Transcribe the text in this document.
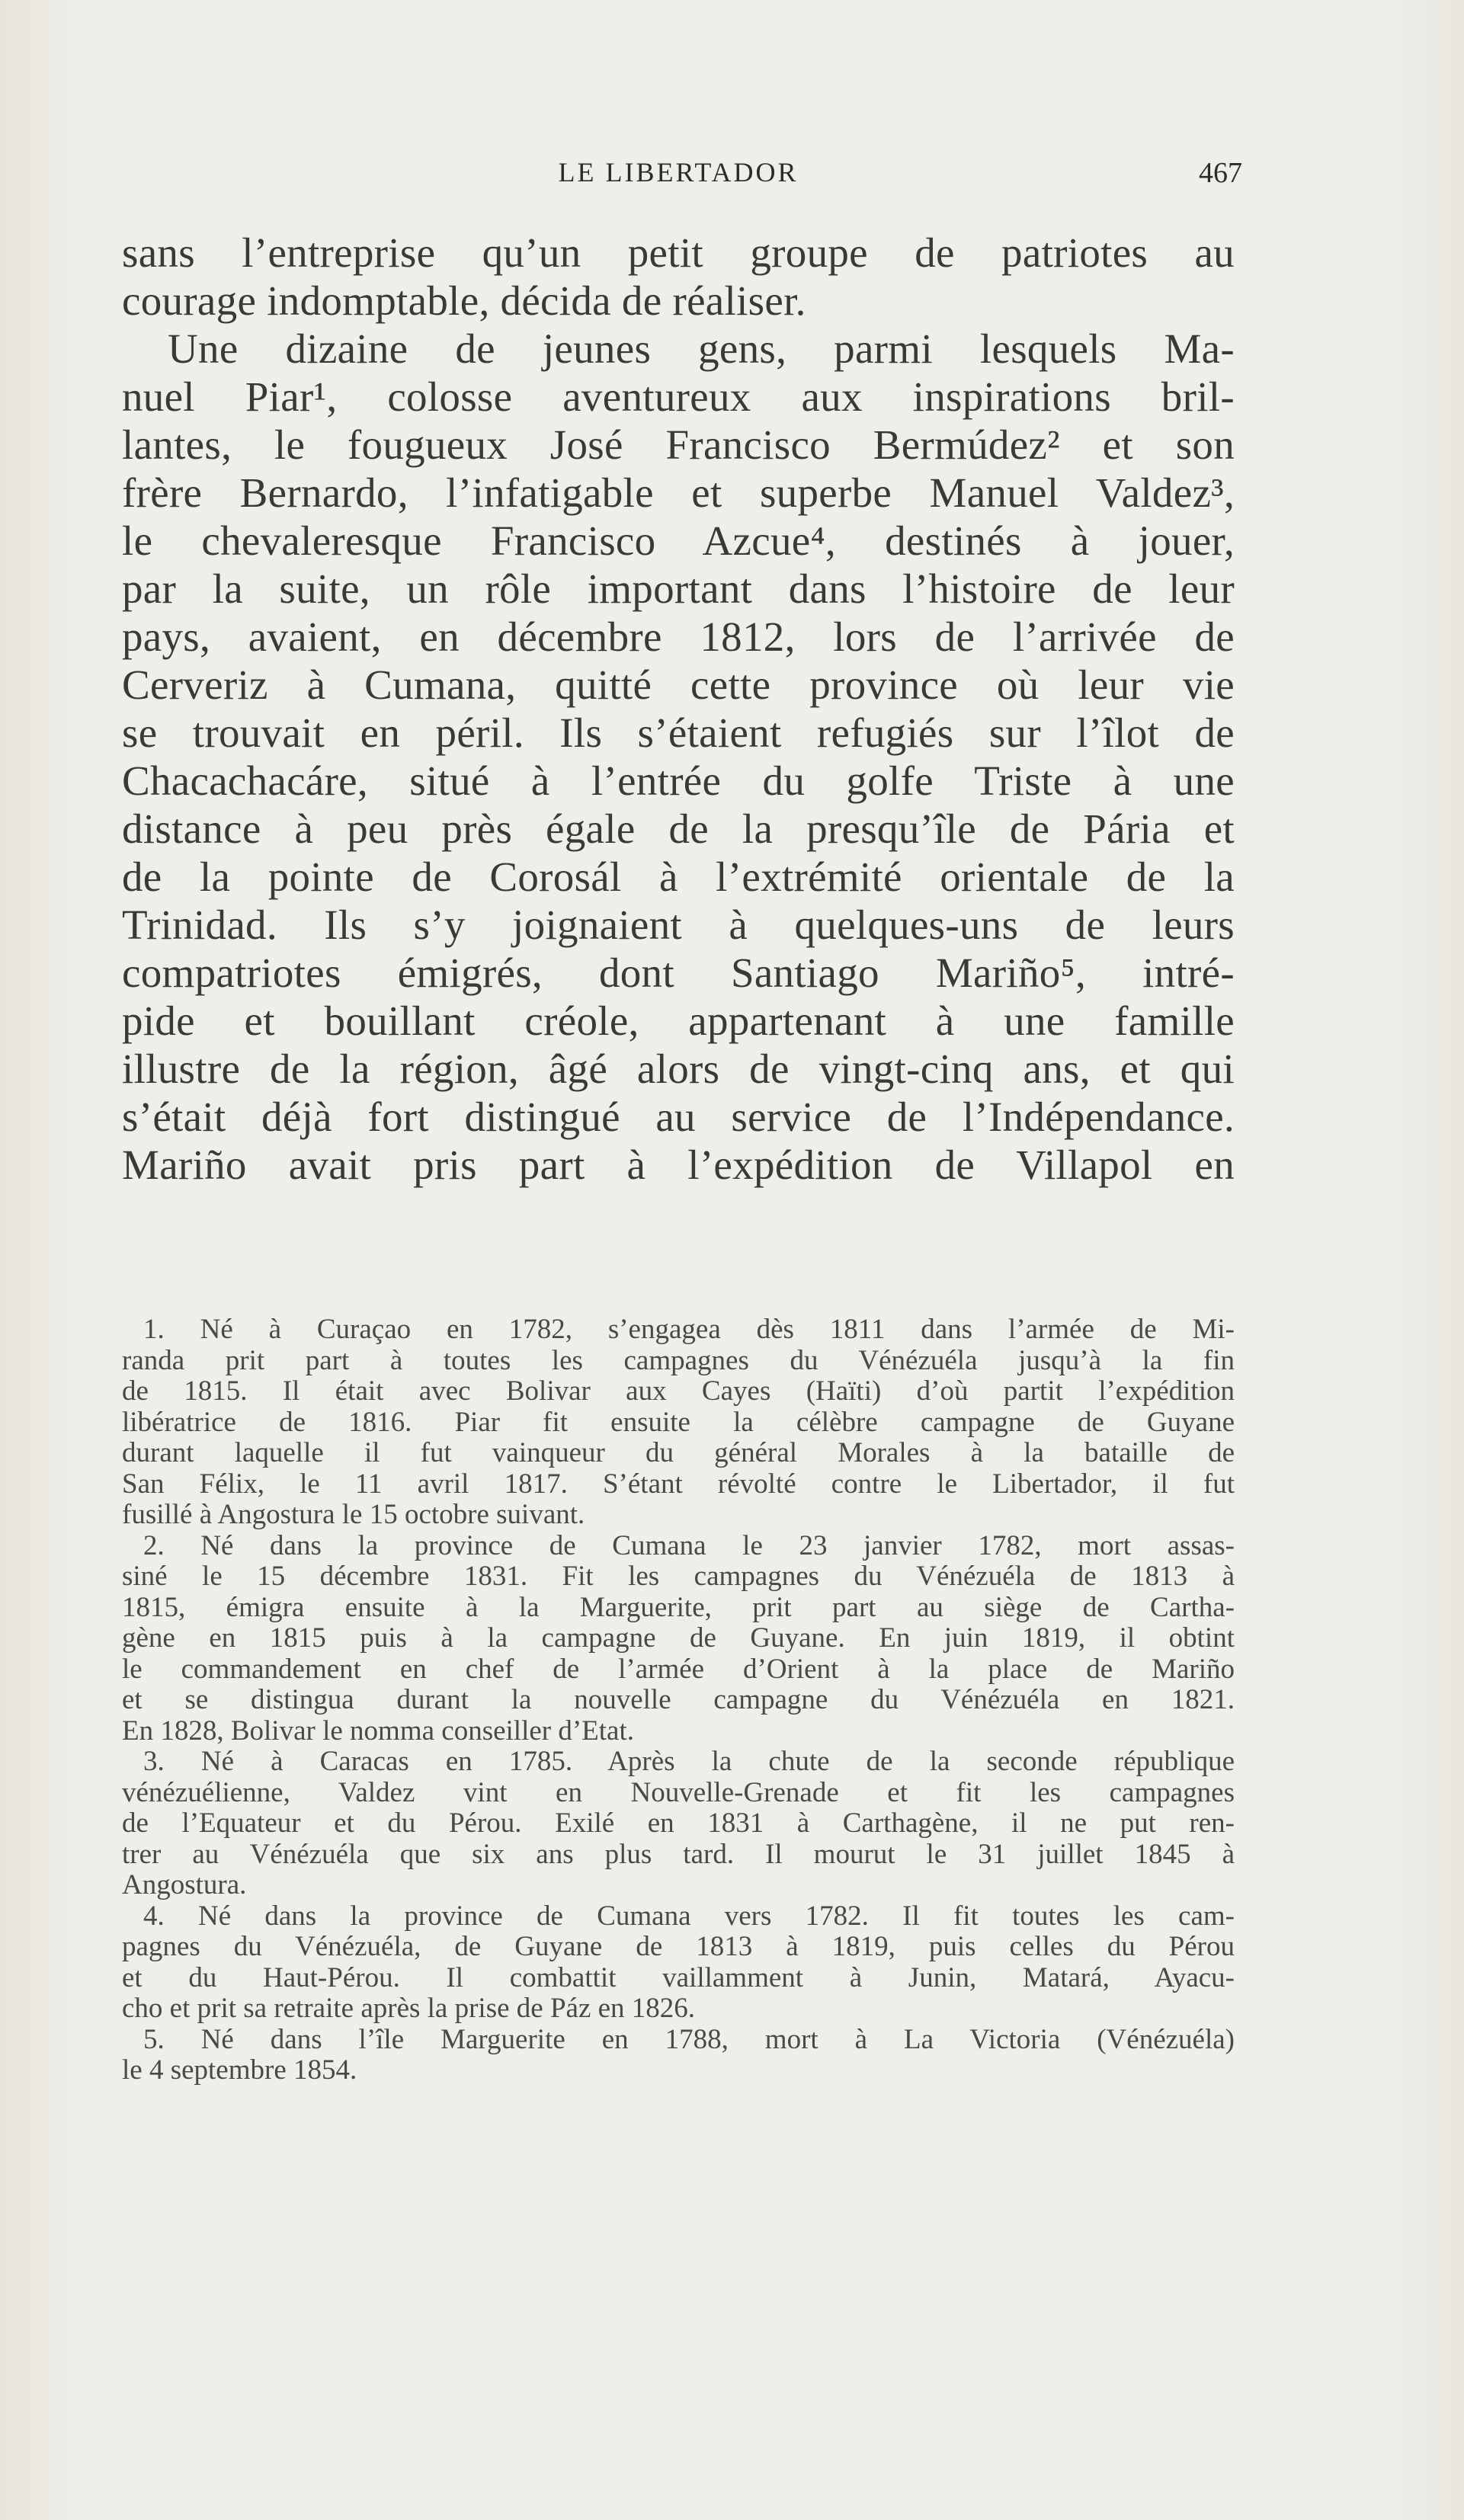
LE LIBERTADOR	467
sans l’entreprise qu’un petit groupe de patriotes au
courage indomptable, décida de réaliser.
Une dizaine de jeunes gens, parmi lesquels Ma-
nuel Piar¹, colosse aventureux aux inspirations bril-
lantes, le fougueux José Francisco Bermúdez² et son
frère Bernardo, l’infatigable et superbe Manuel Valdez³,
le chevaleresque Francisco Azcue⁴, destinés à jouer,
par la suite, un rôle important dans l’histoire de leur
pays, avaient, en décembre 1812, lors de l’arrivée de
Cerveriz à Cumana, quitté cette province où leur vie
se trouvait en péril. Ils s’étaient refugiés sur l’îlot de
Chacachacáre, situé à l’entrée du golfe Triste à une
distance à peu près égale de la presqu’île de Pária et
de la pointe de Corosál à l’extrémité orientale de la
Trinidad. Ils s’y joignaient à quelques-uns de leurs
compatriotes émigrés, dont Santiago Mariño⁵, intré-
pide et bouillant créole, appartenant à une famille
illustre de la région, âgé alors de vingt-cinq ans, et qui
s’était déjà fort distingué au service de l’Indépendance.
Mariño avait pris part à l’expédition de Villapol en
1. Né à Curaçao en 1782, s’engagea dès 1811 dans l’armée de Mi-
randa prit part à toutes les campagnes du Vénézuéla jusqu’à la fin
de 1815. Il était avec Bolivar aux Cayes (Haïti) d’où partit l’expédition
libératrice de 1816. Piar fit ensuite la célèbre campagne de Guyane
durant laquelle il fut vainqueur du général Morales à la bataille de
San Félix, le 11 avril 1817. S’étant révolté contre le Libertador, il fut
fusillé à Angostura le 15 octobre suivant.
2. Né dans la province de Cumana le 23 janvier 1782, mort assas-
siné le 15 décembre 1831. Fit les campagnes du Vénézuéla de 1813 à
1815, émigra ensuite à la Marguerite, prit part au siège de Cartha-
gène en 1815 puis à la campagne de Guyane. En juin 1819, il obtint
le commandement en chef de l’armée d’Orient à la place de Mariño
et se distingua durant la nouvelle campagne du Vénézuéla en 1821.
En 1828, Bolivar le nomma conseiller d’Etat.
3. Né à Caracas en 1785. Après la chute de la seconde république
vénézuélienne, Valdez vint en Nouvelle-Grenade et fit les campagnes
de l’Equateur et du Pérou. Exilé en 1831 à Carthagène, il ne put ren-
trer au Vénézuéla que six ans plus tard. Il mourut le 31 juillet 1845 à
Angostura.
4. Né dans la province de Cumana vers 1782. Il fit toutes les cam-
pagnes du Vénézuéla, de Guyane de 1813 à 1819, puis celles du Pérou
et du Haut-Pérou. Il combattit vaillamment à Junin, Matará, Ayacu-
cho et prit sa retraite après la prise de Páz en 1826.
5. Né dans l’île Marguerite en 1788, mort à La Victoria (Vénézuéla)
le 4 septembre 1854.
